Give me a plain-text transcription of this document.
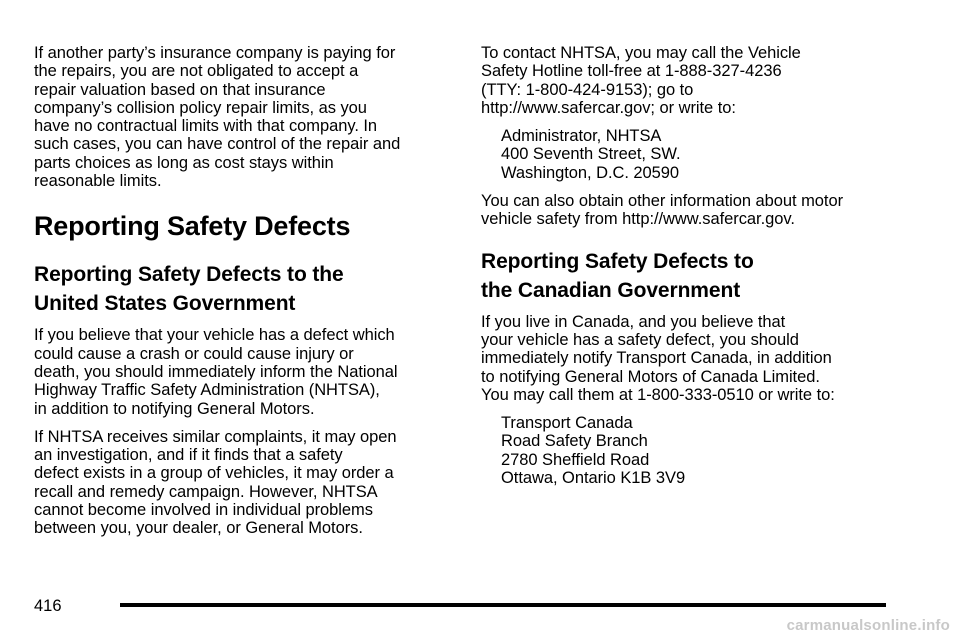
If another party’s insurance company is paying for
the repairs, you are not obligated to accept a
repair valuation based on that insurance
company’s collision policy repair limits, as you
have no contractual limits with that company. In
such cases, you can have control of the repair and
parts choices as long as cost stays within
reasonable limits.

Reporting Safety Defects
Reporting Safety Defects to the
United States Government

If you believe that your vehicle has a defect which
could cause a crash or could cause injury or
death, you should immediately inform the National
Highway Traffic Safety Administration (NHTSA),
in addition to notifying General Motors.

If NHTSA receives similar complaints, it may open
an investigation, and if it finds that a safety
defect exists in a group of vehicles, it may order a
recall and remedy campaign. However, NHTSA
cannot become involved in individual problems
between you, your dealer, or General Motors.

To contact NHTSA, you may call the Vehicle
Safety Hotline toll-free at 1-888-327-4236
(TTY: 1-800-424-9153); go to
http://www.safercar.gov; or write to:

Administrator, NHTSA
400 Seventh Street, SW.
Washington, D.C. 20590

You can also obtain other information about motor
vehicle safety from http://www.safercar.gov.

Reporting Safety Defects to
the Canadian Government

If you live in Canada, and you believe that
your vehicle has a safety defect, you should
immediately notify Transport Canada, in addition
to notifying General Motors of Canada Limited.
You may call them at 1-800-333-0510 or write to:

Transport Canada
Road Safety Branch
2780 Sheffield Road
Ottawa, Ontario K1B 3V9

416
carmanualsonline.info
